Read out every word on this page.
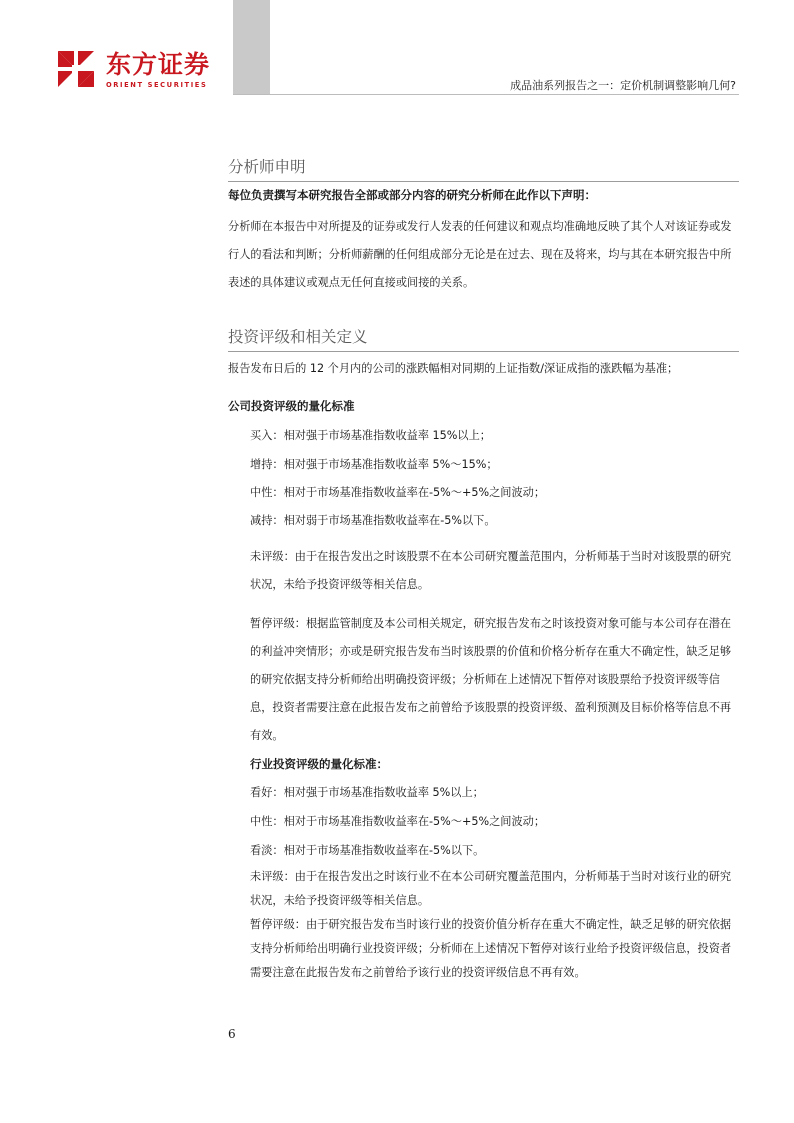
东方证券
ORIENT SECURITIES	成品油系列报告之一：定价机制调整影响几何?
分析师申明
每位负责撰写本研究报告全部或部分内容的研究分析师在此作以下声明：
分析师在本报告中对所提及的证券或发行人发表的任何建议和观点均准确地反映了其个人对该证券或发行人的看法和判断；分析师薪酬的任何组成部分无论是在过去、现在及将来，均与其在本研究报告中所表述的具体建议或观点无任何直接或间接的关系。
投资评级和相关定义
报告发布日后的 12 个月内的公司的涨跌幅相对同期的上证指数/深证成指的涨跌幅为基准；
公司投资评级的量化标准
买入：相对强于市场基准指数收益率 15%以上；
增持：相对强于市场基准指数收益率 5%～15%；
中性：相对于市场基准指数收益率在-5%～+5%之间波动；
减持：相对弱于市场基准指数收益率在-5%以下。
未评级：由于在报告发出之时该股票不在本公司研究覆盖范围内，分析师基于当时对该股票的研究状况，未给予投资评级等相关信息。
暂停评级：根据监管制度及本公司相关规定，研究报告发布之时该投资对象可能与本公司存在潜在的利益冲突情形；亦或是研究报告发布当时该股票的价值和价格分析存在重大不确定性，缺乏足够的研究依据支持分析师给出明确投资评级；分析师在上述情况下暂停对该股票给予投资评级等信息，投资者需要注意在此报告发布之前曾给予该股票的投资评级、盈利预测及目标价格等信息不再有效。
行业投资评级的量化标准：
看好：相对强于市场基准指数收益率 5%以上；
中性：相对于市场基准指数收益率在-5%～+5%之间波动；
看淡：相对于市场基准指数收益率在-5%以下。
未评级：由于在报告发出之时该行业不在本公司研究覆盖范围内，分析师基于当时对该行业的研究状况，未给予投资评级等相关信息。
暂停评级：由于研究报告发布当时该行业的投资价值分析存在重大不确定性，缺乏足够的研究依据支持分析师给出明确行业投资评级；分析师在上述情况下暂停对该行业给予投资评级信息，投资者需要注意在此报告发布之前曾给予该行业的投资评级信息不再有效。
6
